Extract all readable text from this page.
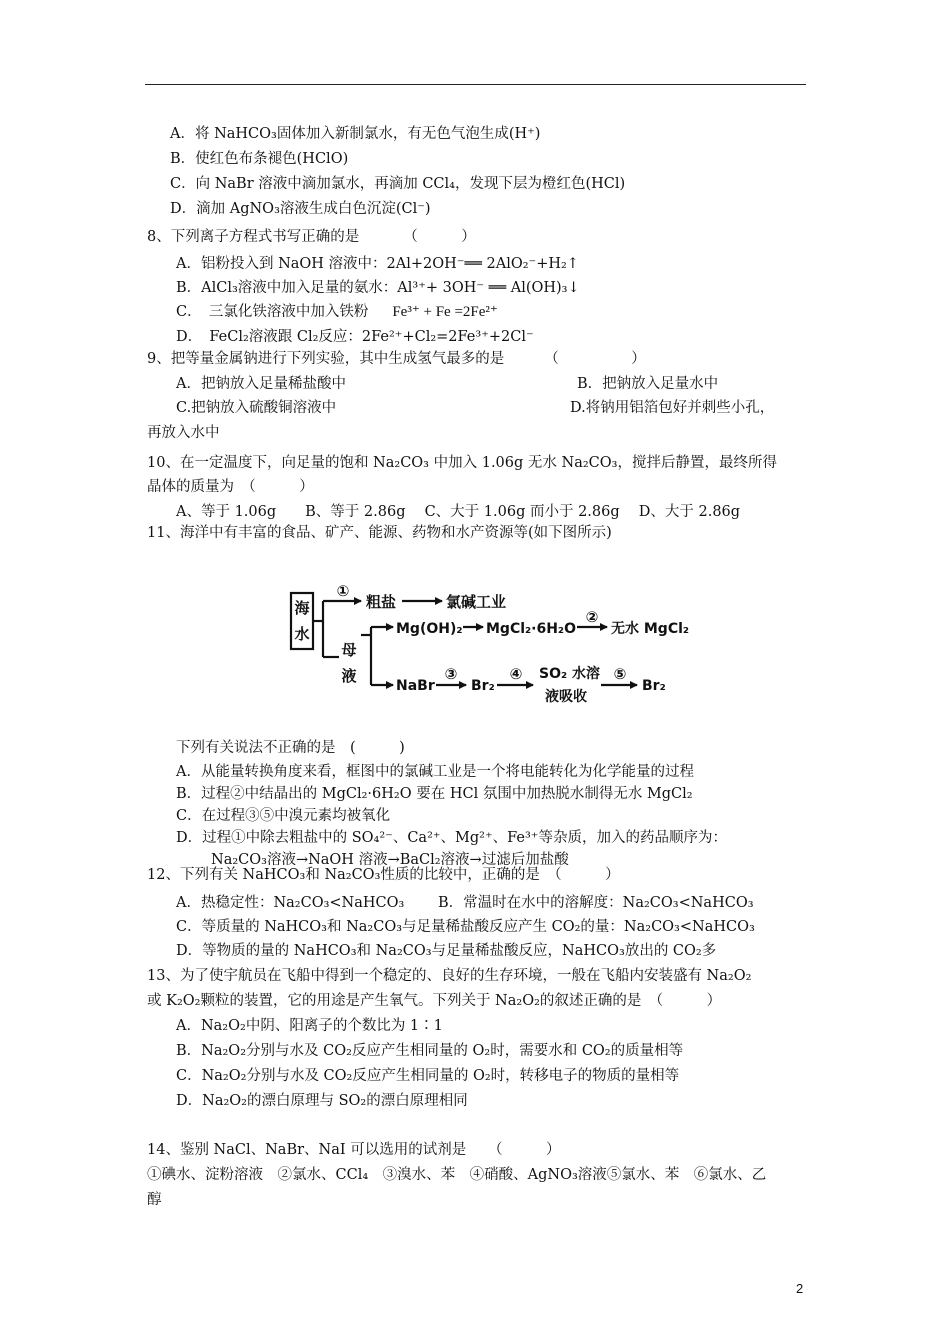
A．将 NaHCO₃固体加入新制氯水，有无色气泡生成(H⁺)
B．使红色布条褪色(HClO)
C．向 NaBr 溶液中滴加氯水，再滴加 CCl₄，发现下层为橙红色(HCl)
D．滴加 AgNO₃溶液生成白色沉淀(Cl⁻)
8、下列离子方程式书写正确的是	（　　　）
A．铝粉投入到 NaOH 溶液中：2Al+2OH⁻══ 2AlO₂⁻+H₂↑
B．AlCl₃溶液中加入足量的氨水：Al³⁺+ 3OH⁻ ══ Al(OH)₃↓
C．　三氯化铁溶液中加入铁粉 Fe³⁺ + Fe =2Fe²⁺
D．　FeCl₂溶液跟 Cl₂反应：2Fe²⁺+Cl₂=2Fe³⁺+2Cl⁻
9、把等量金属钠进行下列实验，其中生成氢气最多的是	（　　　　　）
A．把钠放入足量稀盐酸中	B．把钠放入足量水中
C.把钠放入硫酸铜溶液中	D.将钠用铝箔包好并刺些小孔，
再放入水中
10、在一定温度下，向足量的饱和 Na₂CO₃ 中加入 1.06g 无水 Na₂CO₃，搅拌后静置，最终所得
晶体的质量为　（　　　）
A、等于 1.06g　　B、等于 2.86g　 C、大于 1.06g 而小于 2.86g　 D、大于 2.86g
11、海洋中有丰富的食品、矿产、能源、药物和水产资源等(如下图所示)
海
水
①
粗盐	氯碱工业
母
液
Mg(OH)₂ MgCl₂·6H₂O
②
无水 MgCl₂
NaBr
③
Br₂
④ SO₂ 水溶
液吸收
⑤
Br₂
下列有关说法不正确的是　(　　　)
A．从能量转换角度来看，框图中的氯碱工业是一个将电能转化为化学能量的过程
B．过程②中结晶出的 MgCl₂·6H₂O 要在 HCl 氛围中加热脱水制得无水 MgCl₂
C．在过程③⑤中溴元素均被氧化
D．过程①中除去粗盐中的 SO₄²⁻、Ca²⁺、Mg²⁺、Fe³⁺等杂质，加入的药品顺序为：
Na₂CO₃溶液→NaOH 溶液→BaCl₂溶液→过滤后加盐酸
12、下列有关 NaHCO₃和 Na₂CO₃性质的比较中，正确的是　（　　　）
A．热稳定性：Na₂CO₃<NaHCO₃ B．常温时在水中的溶解度：Na₂CO₃<NaHCO₃
C．等质量的 NaHCO₃和 Na₂CO₃与足量稀盐酸反应产生 CO₂的量：Na₂CO₃<NaHCO₃
D．等物质的量的 NaHCO₃和 Na₂CO₃与足量稀盐酸反应，NaHCO₃放出的 CO₂多
13、为了使宇航员在飞船中得到一个稳定的、良好的生存环境，一般在飞船内安装盛有 Na₂O₂
或 K₂O₂颗粒的装置，它的用途是产生氧气。下列关于 Na₂O₂的叙述正确的是　（　　　）
A．Na₂O₂中阴、阳离子的个数比为 1∶1
B．Na₂O₂分别与水及 CO₂反应产生相同量的 O₂时，需要水和 CO₂的质量相等
C．Na₂O₂分别与水及 CO₂反应产生相同量的 O₂时，转移电子的物质的量相等
D．Na₂O₂的漂白原理与 SO₂的漂白原理相同
14、鉴别 NaCl、NaBr、NaI 可以选用的试剂是　　（　　　）
①碘水、淀粉溶液　②氯水、CCl₄　③溴水、苯　④硝酸、AgNO₃溶液⑤氯水、苯　⑥氯水、乙
醇
2
